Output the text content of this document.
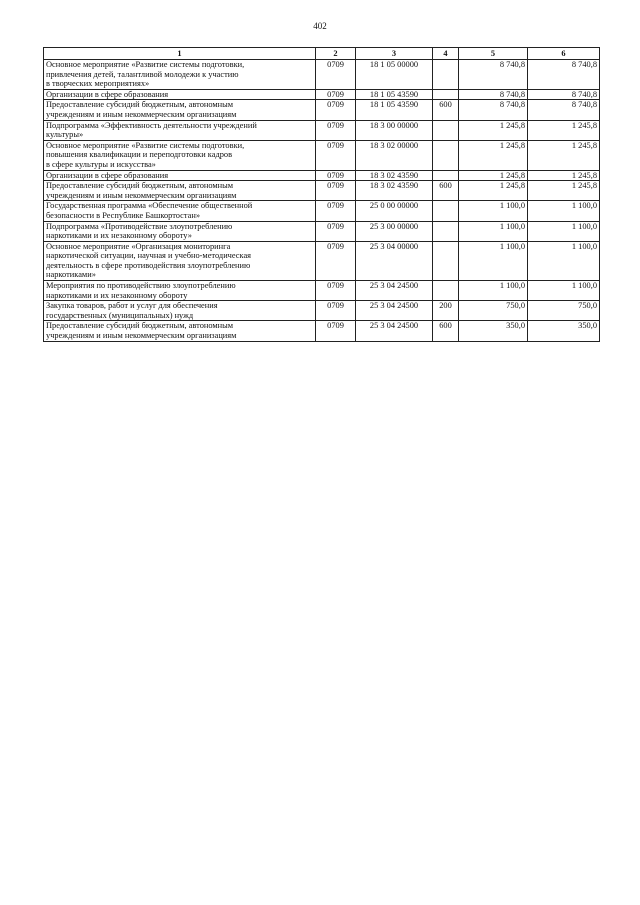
402
1	2	3	4	5	6
Основное мероприятие «Развитие системы подготовки,
привлечения детей, талантливой молодежи к участию
в творческих мероприятиях»	0709	18 1 05 00000		8 740,8	8 740,8
Организации в сфере образования	0709	18 1 05 43590		8 740,8	8 740,8
Предоставление субсидий бюджетным, автономным
учреждениям и иным некоммерческим организациям	0709	18 1 05 43590	600	8 740,8	8 740,8
Подпрограмма «Эффективность деятельности учреждений
культуры»	0709	18 3 00 00000		1 245,8	1 245,8
Основное мероприятие «Развитие системы подготовки,
повышения квалификации и переподготовки кадров
в сфере культуры и искусства»	0709	18 3 02 00000		1 245,8	1 245,8
Организации в сфере образования	0709	18 3 02 43590		1 245,8	1 245,8
Предоставление субсидий бюджетным, автономным
учреждениям и иным некоммерческим организациям	0709	18 3 02 43590	600	1 245,8	1 245,8
Государственная программа «Обеспечение общественной
безопасности в Республике Башкортостан»	0709	25 0 00 00000		1 100,0	1 100,0
Подпрограмма «Противодействие злоупотреблению
наркотиками и их незаконному обороту»	0709	25 3 00 00000		1 100,0	1 100,0
Основное мероприятие «Организация мониторинга
наркотической ситуации, научная и учебно-методическая
деятельность в сфере противодействия злоупотреблению
наркотиками»	0709	25 3 04 00000		1 100,0	1 100,0
Мероприятия по противодействию злоупотреблению
наркотиками и их незаконному обороту	0709	25 3 04 24500		1 100,0	1 100,0
Закупка товаров, работ и услуг для обеспечения
государственных (муниципальных) нужд	0709	25 3 04 24500	200	750,0	750,0
Предоставление субсидий бюджетным, автономным
учреждениям и иным некоммерческим организациям	0709	25 3 04 24500	600	350,0	350,0
